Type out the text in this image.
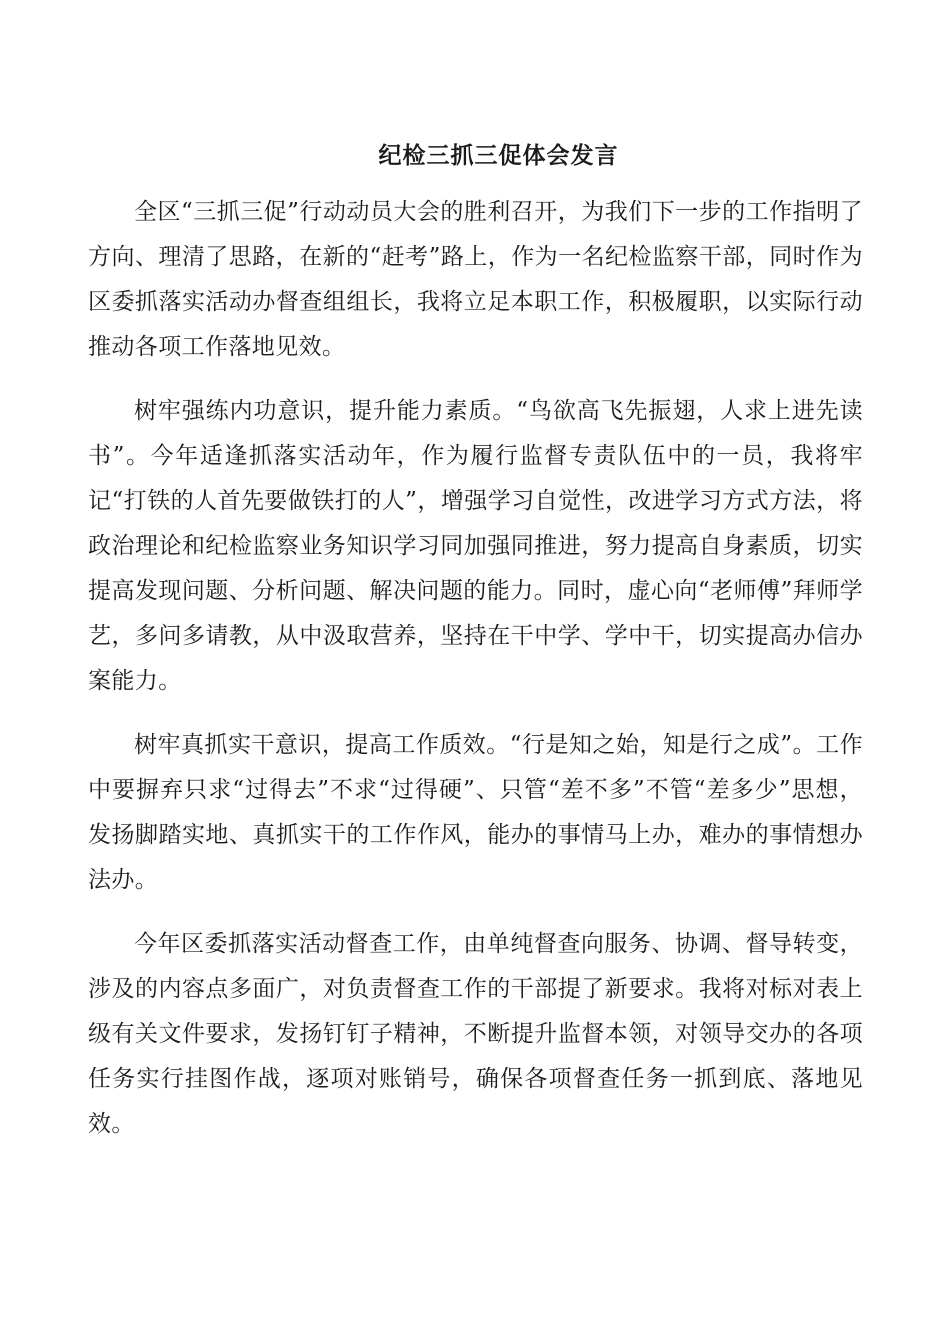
纪检三抓三促体会发言

全区“三抓三促”行动动员大会的胜利召开，为我们下一步的工作指明了方向、理清了思路，在新的“赶考”路上，作为一名纪检监察干部，同时作为区委抓落实活动办督查组组长，我将立足本职工作，积极履职，以实际行动推动各项工作落地见效。

树牢强练内功意识，提升能力素质。“鸟欲高飞先振翅，人求上进先读书”。今年适逢抓落实活动年，作为履行监督专责队伍中的一员，我将牢记“打铁的人首先要做铁打的人”，增强学习自觉性，改进学习方式方法，将政治理论和纪检监察业务知识学习同加强同推进，努力提高自身素质，切实提高发现问题、分析问题、解决问题的能力。同时，虚心向“老师傅”拜师学艺，多问多请教，从中汲取营养，坚持在干中学、学中干，切实提高办信办案能力。

树牢真抓实干意识，提高工作质效。“行是知之始，知是行之成”。工作中要摒弃只求“过得去”不求“过得硬”、只管“差不多”不管“差多少”思想，发扬脚踏实地、真抓实干的工作作风，能办的事情马上办，难办的事情想办法办。

今年区委抓落实活动督查工作，由单纯督查向服务、协调、督导转变，涉及的内容点多面广，对负责督查工作的干部提了新要求。我将对标对表上级有关文件要求，发扬钉钉子精神，不断提升监督本领，对领导交办的各项任务实行挂图作战，逐项对账销号，确保各项督查任务一抓到底、落地见效。
